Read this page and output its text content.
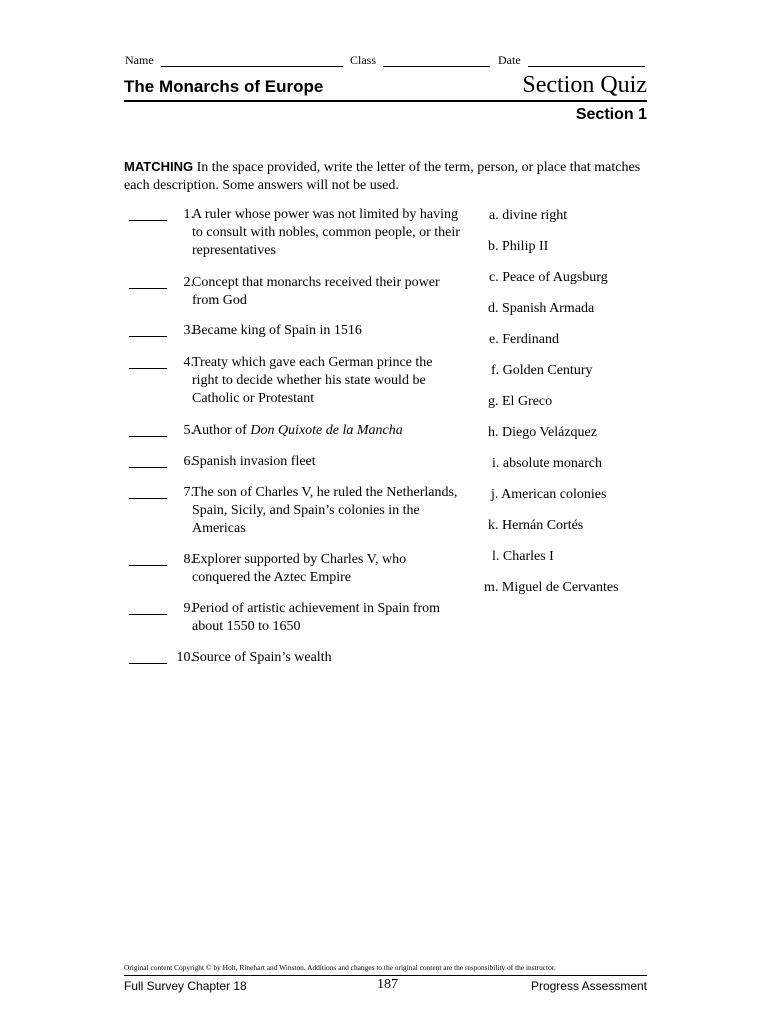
Name	Class	Date
The Monarchs of Europe	Section Quiz
Section 1
MATCHING In the space provided, write the letter of the term, person, or place that matches each description. Some answers will not be used.
1.
A ruler whose power was not limited by having to consult with nobles, common people, or their representatives
2.
Concept that monarchs received their power from God
3.
Became king of Spain in 1516
4.
Treaty which gave each German prince the right to decide whether his state would be Catholic or Protestant
5.
Author of Don Quixote de la Mancha
6.
Spanish invasion fleet
7.
The son of Charles V, he ruled the Netherlands, Spain, Sicily, and Spain’s colonies in the Americas
8.
Explorer supported by Charles V, who conquered the Aztec Empire
9.
Period of artistic achievement in Spain from about 1550 to 1650
10.
Source of Spain’s wealth
a. divine right
b. Philip II
c. Peace of Augsburg
d. Spanish Armada
e. Ferdinand
f. Golden Century
g. El Greco
h. Diego Velázquez
i. absolute monarch
j. American colonies
k. Hernán Cortés
l. Charles I
m. Miguel de Cervantes
Original content Copyright © by Holt, Rinehart and Winston. Additions and changes to the original content are the responsibility of the instructor.
Full Survey Chapter 18	187	Progress Assessment
